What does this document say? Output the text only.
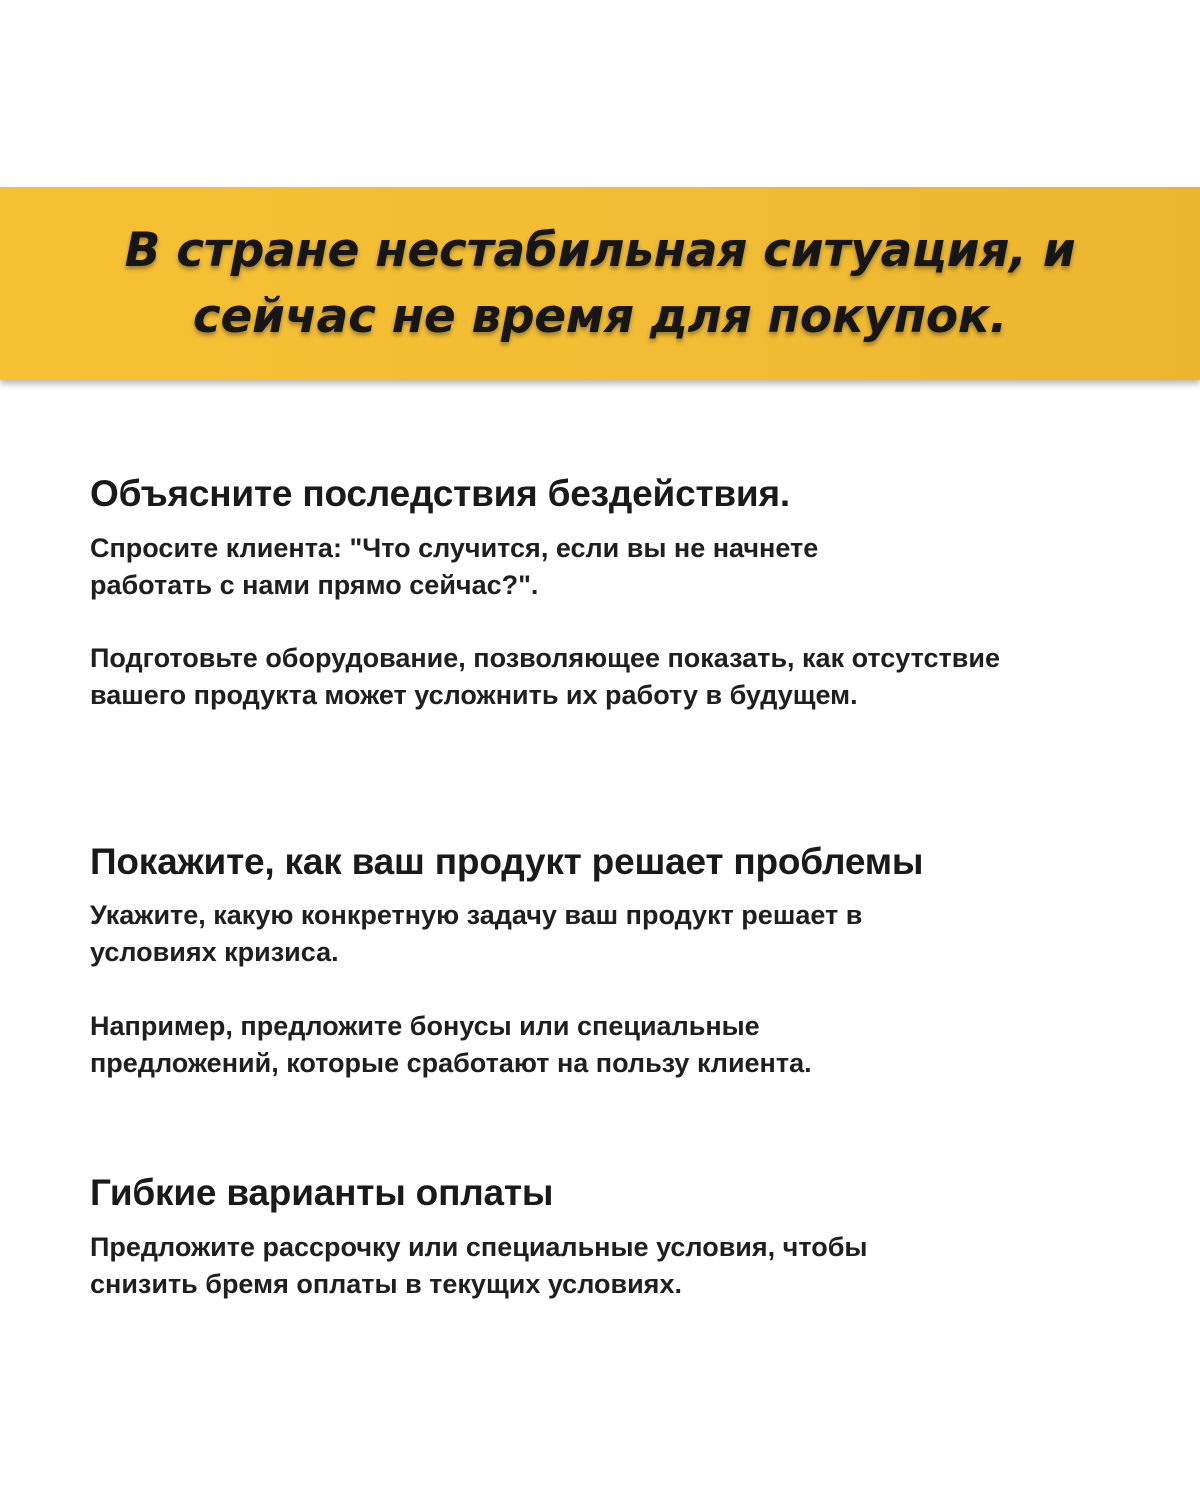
В стране нестабильная ситуация, и
сейчас не время для покупок.
Объясните последствия бездействия.

Спросите клиента: "Что случится, если вы не начнете работать с нами прямо сейчас?".

Подготовьте оборудование, позволяющее показать, как отсутствие вашего продукта может усложнить их работу в будущем.

Покажите, как ваш продукт решает проблемы

Укажите, какую конкретную задачу ваш продукт решает в условиях кризиса.

Например, предложите бонусы или специальные предложений, которые сработают на пользу клиента.

Гибкие варианты оплаты

Предложите рассрочку или специальные условия, чтобы снизить бремя оплаты в текущих условиях.
